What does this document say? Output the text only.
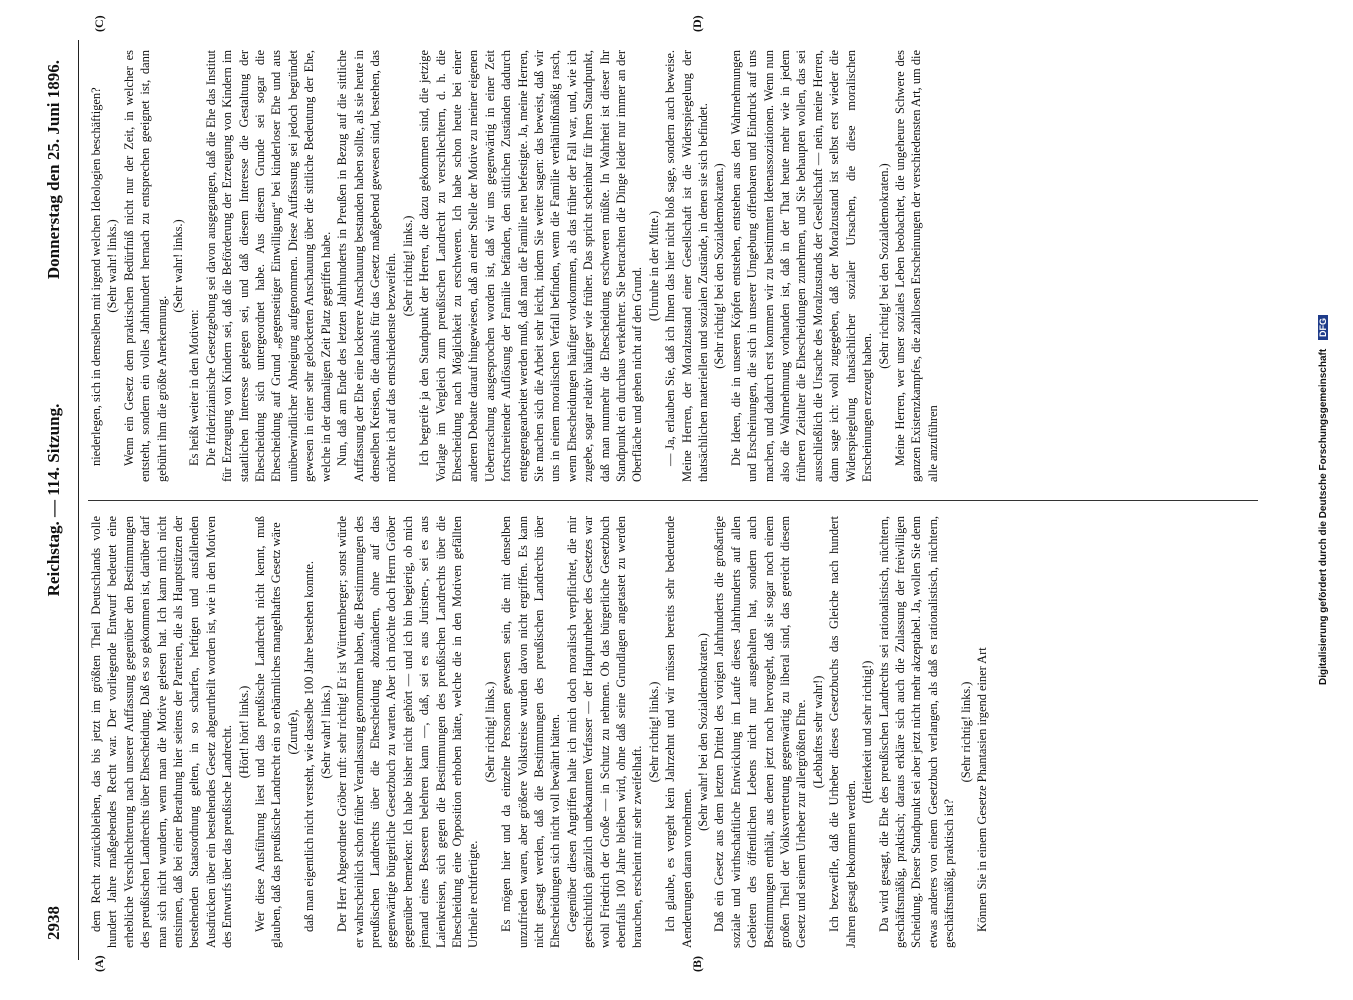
2938
Reichstag. — 114. Sitzung.
Donnerstag den 25. Juni 1896.
(A)	(B)
(C)	(D)

dem Recht zurückbleiben, das bis jetzt im größten Theil Deutschlands volle hundert Jahre maßgebendes Recht war. Der vorliegende Entwurf bedeutet eine erhebliche Verschlechterung nach unserer Auffassung gegenüber den Bestimmungen des preußischen Landrechts über Ehescheidung. Daß es so gekommen ist, darüber darf man sich nicht wundern, wenn man die Motive gelesen hat. Ich kann mich nicht entsinnen, daß bei einer Berathung hier seitens der Parteien, die als Hauptstützen der bestehenden Staatsordnung gelten, in so scharfen, heftigen und ausfallenden Ausdrücken über ein bestehendes Gesetz abgeurtheilt worden ist, wie in den Motiven des Entwurfs über das preußische Landrecht. (Hört! hört! links.) Wer diese Ausführung liest und das preußische Landrecht nicht kennt, muß glauben, daß das preußische Landrecht ein so erbärmliches mangelhaftes Gesetz wäre (Zurufe), daß man eigentlich nicht versteht, wie dasselbe 100 Jahre bestehen konnte. (Sehr wahr! links.) Der Herr Abgeordnete Gröber ruft: sehr richtig! Er ist Württemberger; sonst würde er wahrscheinlich schon früher Veranlassung genommen haben, die Bestimmungen des preußischen Landrechts über die Ehescheidung abzuändern, ohne auf das gegenwärtige bürgerliche Gesetzbuch zu warten. Aber ich möchte doch Herrn Gröber gegenüber bemerken: Ich habe bisher nicht gehört — und ich bin begierig, ob mich jemand eines Besseren belehren kann —, daß, sei es aus Juristen-, sei es aus Laienkreisen, sich gegen die Bestimmungen des preußischen Landrechts über die Ehescheidung eine Opposition erhoben hätte, welche die in den Motiven gefällten Urtheile rechtfertigte.

(Sehr richtig! links.) Es mögen hier und da einzelne Personen gewesen sein, die mit denselben unzufrieden waren, aber größere Volkstreise wurden davon nicht ergriffen. Es kann nicht gesagt werden, daß die Bestimmungen des preußischen Landrechts über Ehescheidungen sich nicht voll bewährt hätten. Gegenüber diesen Angriffen halte ich mich doch moralisch verpflichtet, die mir geschichtlich gänzlich unbekannten Verfasser — der Haupturheber des Gesetzes war wohl Friedrich der Große — in Schutz zu nehmen. Ob das bürgerliche Gesetzbuch ebenfalls 100 Jahre bleiben wird, ohne daß seine Grundlagen angetastet zu werden brauchen, erscheint mir sehr zweifelhaft.

(Sehr richtig! links.) Ich glaube, es vergeht kein Jahrzehnt und wir müssen bereits sehr bedeutende Aenderungen daran vornehmen.

(Sehr wahr! bei den Sozialdemokraten.) Daß ein Gesetz aus dem letzten Drittel des vorigen Jahrhunderts die großartige soziale und wirthschaftliche Entwicklung im Laufe dieses Jahrhunderts auf allen Gebieten des öffentlichen Lebens nicht nur ausgehalten hat, sondern auch Bestimmungen enthält, aus denen jetzt noch hervorgeht, daß sie sogar noch einem großen Theil der Volksvertretung gegenwärtig zu liberal sind, das gereicht diesem Gesetz und seinem Urheber zur allergrößten Ehre. (Lebhaftes sehr wahr!) Ich bezweifle, daß die Urheber dieses Gesetzbuchs das Gleiche nach hundert Jahren gesagt bekommen werden.

(Heiterkeit und sehr richtig!) Da wird gesagt, die Ehe des preußischen Landrechts sei rationalistisch, nüchtern, geschäftsmäßig, praktisch; daraus erkläre sich auch die Zulassung der freiwilligen Scheidung. Dieser Standpunkt sei aber jetzt nicht mehr akzeptabel. Ja, wollen Sie denn etwas anderes von einem Gesetzbuch verlangen, als daß es rationalistisch, nüchtern, geschäftsmäßig, praktisch ist?

(Sehr richtig! links.) Können Sie in einem Gesetze Phantasien irgend einer Art

niederlegen, sich in demselben mit irgend welchen Ideologien beschäftigen? (Sehr wahr! links.) Wenn ein Gesetz dem praktischen Bedürfniß nicht nur der Zeit, in welcher es entsteht, sondern ein volles Jahrhundert hernach zu entsprechen geeignet ist, dann gebührt ihm die größte Anerkennung.

(Sehr wahr! links.)

Es heißt weiter in den Motiven: Die friderizianische Gesetzgebung sei davon ausgegangen, daß die Ehe das Institut für Erzeugung von Kindern sei, daß die Beförderung der Erzeugung von Kindern im staatlichen Interesse gelegen sei, und daß diesem Interesse die Gestaltung der Ehescheidung sich untergeordnet habe. Aus diesem Grunde sei sogar die Ehescheidung auf Grund „gegenseitiger Einwilligung“ bei kinderloser Ehe und aus unüberwindlicher Abneigung aufgenommen. Diese Auffassung sei jedoch begründet gewesen in einer sehr gelockerten Anschauung über die sittliche Bedeutung der Ehe, welche in der damaligen Zeit Platz gegriffen habe. Nun, daß am Ende des letzten Jahrhunderts in Preußen in Bezug auf die sittliche Auffassung der Ehe eine lockerere Anschauung bestanden haben sollte, als sie heute in denselben Kreisen, die damals für das Gesetz maßgebend gewesen sind, bestehen, das möchte ich auf das entschiedenste bezweifeln. (Sehr richtig! links.) Ich begreife ja den Standpunkt der Herren, die dazu gekommen sind, die jetzige Vorlage im Vergleich zum preußischen Landrecht zu verschlechtern, d. h. die Ehescheidung nach Möglichkeit zu erschweren. Ich habe schon heute bei einer anderen Debatte darauf hingewiesen, daß an einer Stelle der Motive zu meiner eigenen Ueberraschung ausgesprochen worden ist, daß wir uns gegenwärtig in einer Zeit fortschreitender Auflösung der Familie befänden, den sittlichen Zuständen dadurch entgegengearbeitet werden muß, daß man die Familie neu befestigte. Ja, meine Herren, Sie machen sich die Arbeit sehr leicht, indem Sie weiter sagen: das beweist, daß wir uns in einem moralischen Verfall befinden, wenn die Familie verhältnißmäßig rasch, wenn Ehescheidungen häufiger vorkommen, als das früher der Fall war, und, wie ich zugebe, sogar relativ häufiger wie früher. Das spricht scheinbar für Ihren Standpunkt, daß man nunmehr die Ehescheidung erschweren müßte. In Wahrheit ist dieser Ihr Standpunkt ein durchaus verkehrter. Sie betrachten die Dinge leider nur immer an der Oberfläche und gehen nicht auf den Grund.

(Unruhe in der Mitte.) — Ja, erlauben Sie, daß ich Ihnen das hier nicht bloß sage, sondern auch beweise. Meine Herren, der Moralzustand einer Gesellschaft ist die Widerspiegelung der thatsächlichen materiellen und sozialen Zustände, in denen sie sich befindet. (Sehr richtig! bei den Sozialdemokraten.) Die Ideen, die in unseren Köpfen entstehen, entstehen aus den Wahrnehmungen und Erscheinungen, die sich in unserer Umgebung offenbaren und Eindruck auf uns machen, und dadurch erst kommen wir zu bestimmten Ideenassoziationen. Wenn nun also die Wahrnehmung vorhanden ist, daß in der That heute mehr wie in jedem früheren Zeitalter die Ehescheidungen zunehmen, und Sie behaupten wollen, das sei ausschließlich die Ursache des Moralzustands der Gesellschaft — nein, meine Herren, dann sage ich: wohl zugegeben, daß der Moralzustand ist selbst erst wieder die Widerspiegelung thatsächlicher sozialer Ursachen, die diese moralischen Erscheinungen erzeugt haben.

(Sehr richtig! bei den Sozialdemokraten.) Meine Herren, wer unser soziales Leben beobachtet, die ungeheure Schwere des ganzen Existenzkampfes, die zahllosen Erscheinungen der verschiedensten Art, um die alle anzuführen	Digitalisierung gefördert durch die Deutsche Forschungsgemeinschaft DFG
